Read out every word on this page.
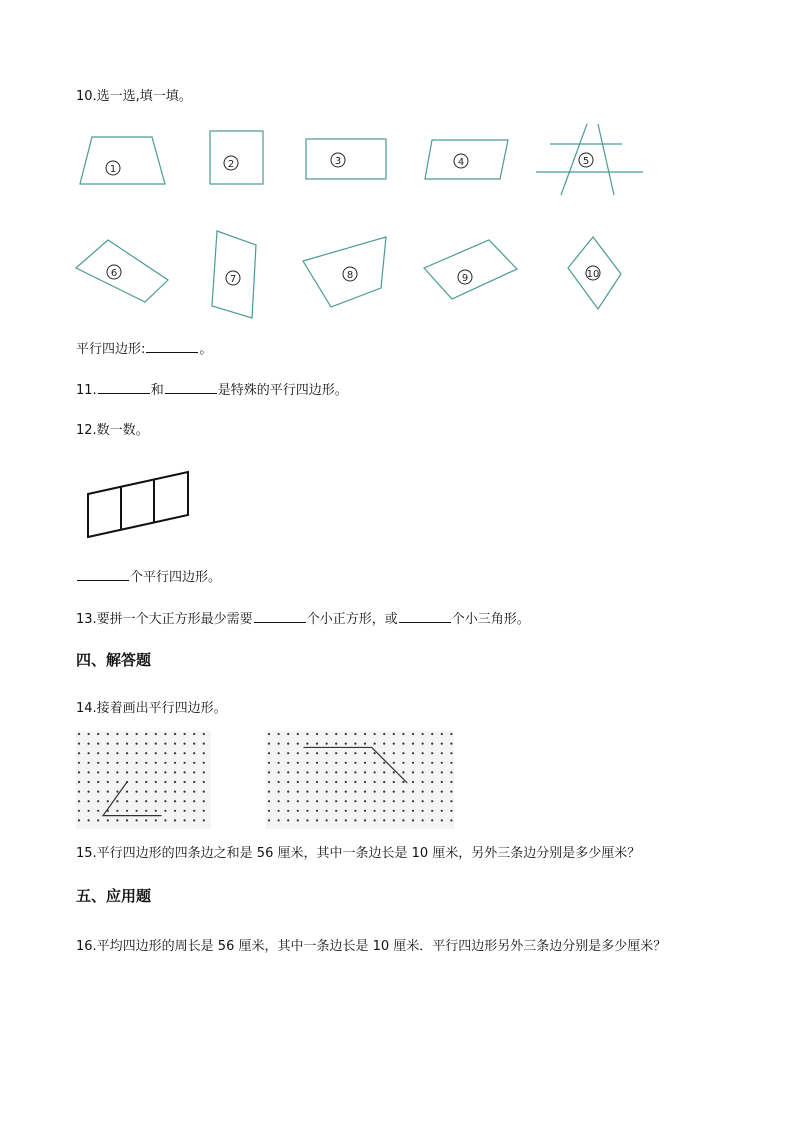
10.选一选,填一填。
1	2	3	4	5
6
7	8	9	10
平行四边形:	。
11.	和	是特殊的平行四边形。
12.数一数。
个平行四边形。
13.要拼一个大正方形最少需要	个小正方形，或	个小三角形。
四、解答题
14.接着画出平行四边形。
15.平行四边形的四条边之和是 56 厘米，其中一条边长是 10 厘米，另外三条边分别是多少厘米？
五、应用题
16.平均四边形的周长是 56 厘米，其中一条边长是 10 厘米．平行四边形另外三条边分别是多少厘米？
